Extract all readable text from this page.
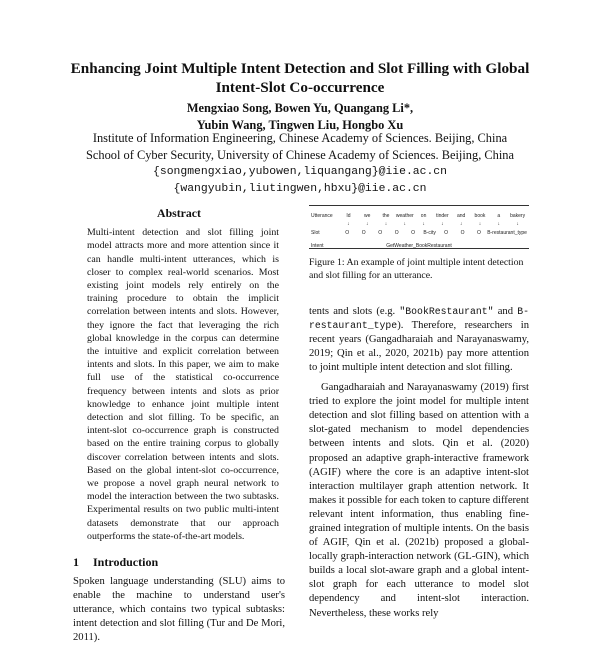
Enhancing Joint Multiple Intent Detection and Slot Filling with Global
Intent-Slot Co-occurrence
Mengxiao Song, Bowen Yu, Quangang Li*,
Yubin Wang, Tingwen Liu, Hongbo Xu
Institute of Information Engineering, Chinese Academy of Sciences. Beijing, China
School of Cyber Security, University of Chinese Academy of Sciences. Beijing, China
{songmengxiao,yubowen,liquangang}@iie.ac.cn
{wangyubin,liutingwen,hbxu}@iie.ac.cn
Abstract

Multi-intent detection and slot filling joint model attracts more and more attention since it can handle multi-intent utterances, which is closer to complex real-world scenarios. Most existing joint models rely entirely on the training procedure to obtain the implicit correlation between intents and slots. However, they ignore the fact that leveraging the rich global knowledge in the corpus can determine the intuitive and explicit correlation between intents and slots. In this paper, we aim to make full use of the statistical co-occurrence frequency between intents and slots as prior knowledge to enhance joint multiple intent detection and slot filling. To be specific, an intent-slot co-occurrence graph is constructed based on the entire training corpus to globally discover correlation between intents and slots. Based on the global intent-slot co-occurrence, we propose a novel graph neural network to model the interaction between the two subtasks. Experimental results on two public multi-intent datasets demonstrate that our approach outperforms the state-of-the-art models.

1 Introduction

Spoken language understanding (SLU) aims to enable the machine to understand user's utterance, which contains two typical subtasks: intent detection and slot filling (Tur and De Mori, 2011).

Utterance	Id	we	the	weather	on	tinder	and	book	a	bakery
↓	↓	↓	↓	↓	↓	↓	↓	↓	↓
Slot	O	O	O	O	O	B-city	O	O	O	B-restaurant_type
Intent	GetWeather_BookRestaurant

Figure 1: An example of joint multiple intent detection and slot filling for an utterance.

tents and slots (e.g. "BookRestaurant" and B-restaurant_type). Therefore, researchers in recent years (Gangadharaiah and Narayanaswamy, 2019; Qin et al., 2020, 2021b) pay more attention to joint multiple intent detection and slot filling.

Gangadharaiah and Narayanaswamy (2019) first tried to explore the joint model for multiple intent detection and slot filling based on attention with a slot-gated mechanism to model dependencies between intents and slots. Qin et al. (2020) proposed an adaptive graph-interactive framework (AGIF) where the core is an adaptive intent-slot interaction multilayer graph attention network. It makes it possible for each token to capture different relevant intent information, thus enabling fine-grained integration of multiple intents. On the basis of AGIF, Qin et al. (2021b) proposed a global-locally graph-interaction network (GL-GIN), which builds a local slot-aware graph and a global intent-slot graph for each utterance to model slot dependency and intent-slot interaction. Nevertheless, these works rely
